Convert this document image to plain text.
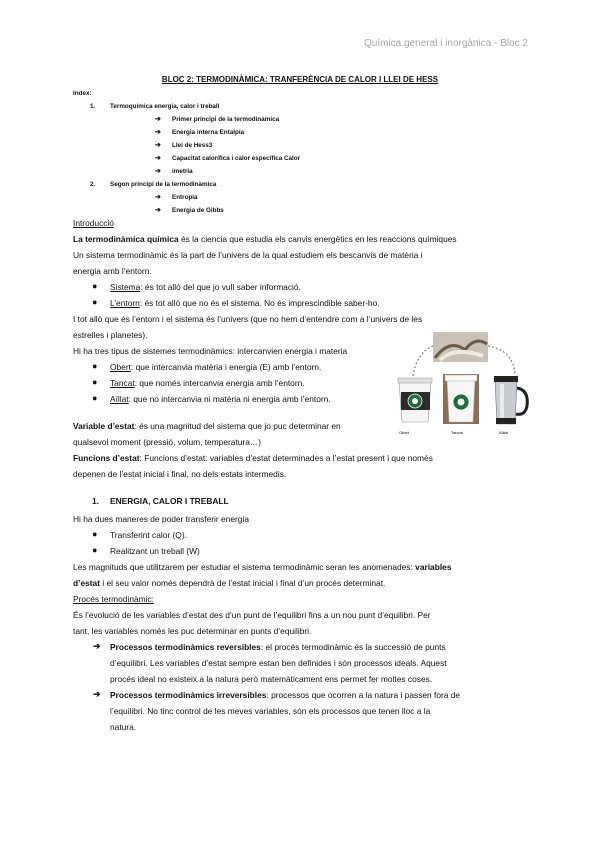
Química general i inorgànica - Bloc 2
BLOC 2: TERMODINÀMICA: TRANFERÈNCIA DE CALOR I LLEI DE HESS
Index:
1. Termoquímica energia, calor i treball
➔ Primer principi de la termodinàmica
➔ Energia interna Entalpia
➔ Llei de Hess3
➔ Capacitat calorífica i calor específica Calor
➔ imetria
2. Segon principi de la termodinàmica
➔ Entropia
➔ Energia de Gibbs
Introducció
La termodinàmica química és la ciencia que estudia els canvis energètics en les reaccions químiques
Un sistema termodinàmic és la part de l’univers de la qual estudiem els bescanvis de matèria i
energia amb l’entorn.
● Sistema: és tot allò del que jo vull saber informació.
● L’entorn: és tot allò que no és el sistema. No és imprescindible saber-ho.
I tot allò que és l’entorn i el sistema és l’univers (que no hem d’entendre com a l’univers de les
estrelles i planetes).
Hi ha tres tipus de sistemes termodinàmics: intercanvien energia i materia
● Obert: que intercanvia matèria i energia (E) amb l’entorn.
● Tancat: que només intercanvia energia amb l’entorn.
● Aïllat: que no intercanvia ni matèria ni energia amb l’entorn.
Variable d’estat: és una magnitud del sistema que jo puc determinar en
qualsevol moment (pressió, volum, temperatura…)
Funcions d’estat: Funcions d’estat: variables d’estat determinades a l’estat present i que només
depenen de l’estat inicial i final, no dels estats intermedis.
Obert	Tancat	Aïllat
1. ENERGIA, CALOR I TREBALL
Hi ha dues maneres de poder transferir energia
● Transferint calor (Q).
● Realitzant un treball (W)
Les magnituds que utilitzarem per estudiar el sistema termodinàmic seran les anomenades: variables
d’estat i el seu valor només dependrà de l’estat inicial i final d’un procés determinat.
Procés termodinàmic:
És l’evolució de les variables d’estat des d’un punt de l’equilibri fins a un nou punt d’equilibri. Per
tant, les variables només les puc determinar en punts d’equilibri.
➔ Processos termodinàmics reversibles: el procés termodinàmic és la successió de punts
d’equilibri. Les variables d’estat sempre estan ben definides i són processos ideals. Aquest
procés ideal no existeix a la natura però matemàticament ens permet fer moltes coses.
➔ Processos termodinàmics irreversibles: processos que ocorren a la natura i passen fora de
l’equilibri. No tinc control de les meves variables, són els processos que tenen lloc a la
natura.
